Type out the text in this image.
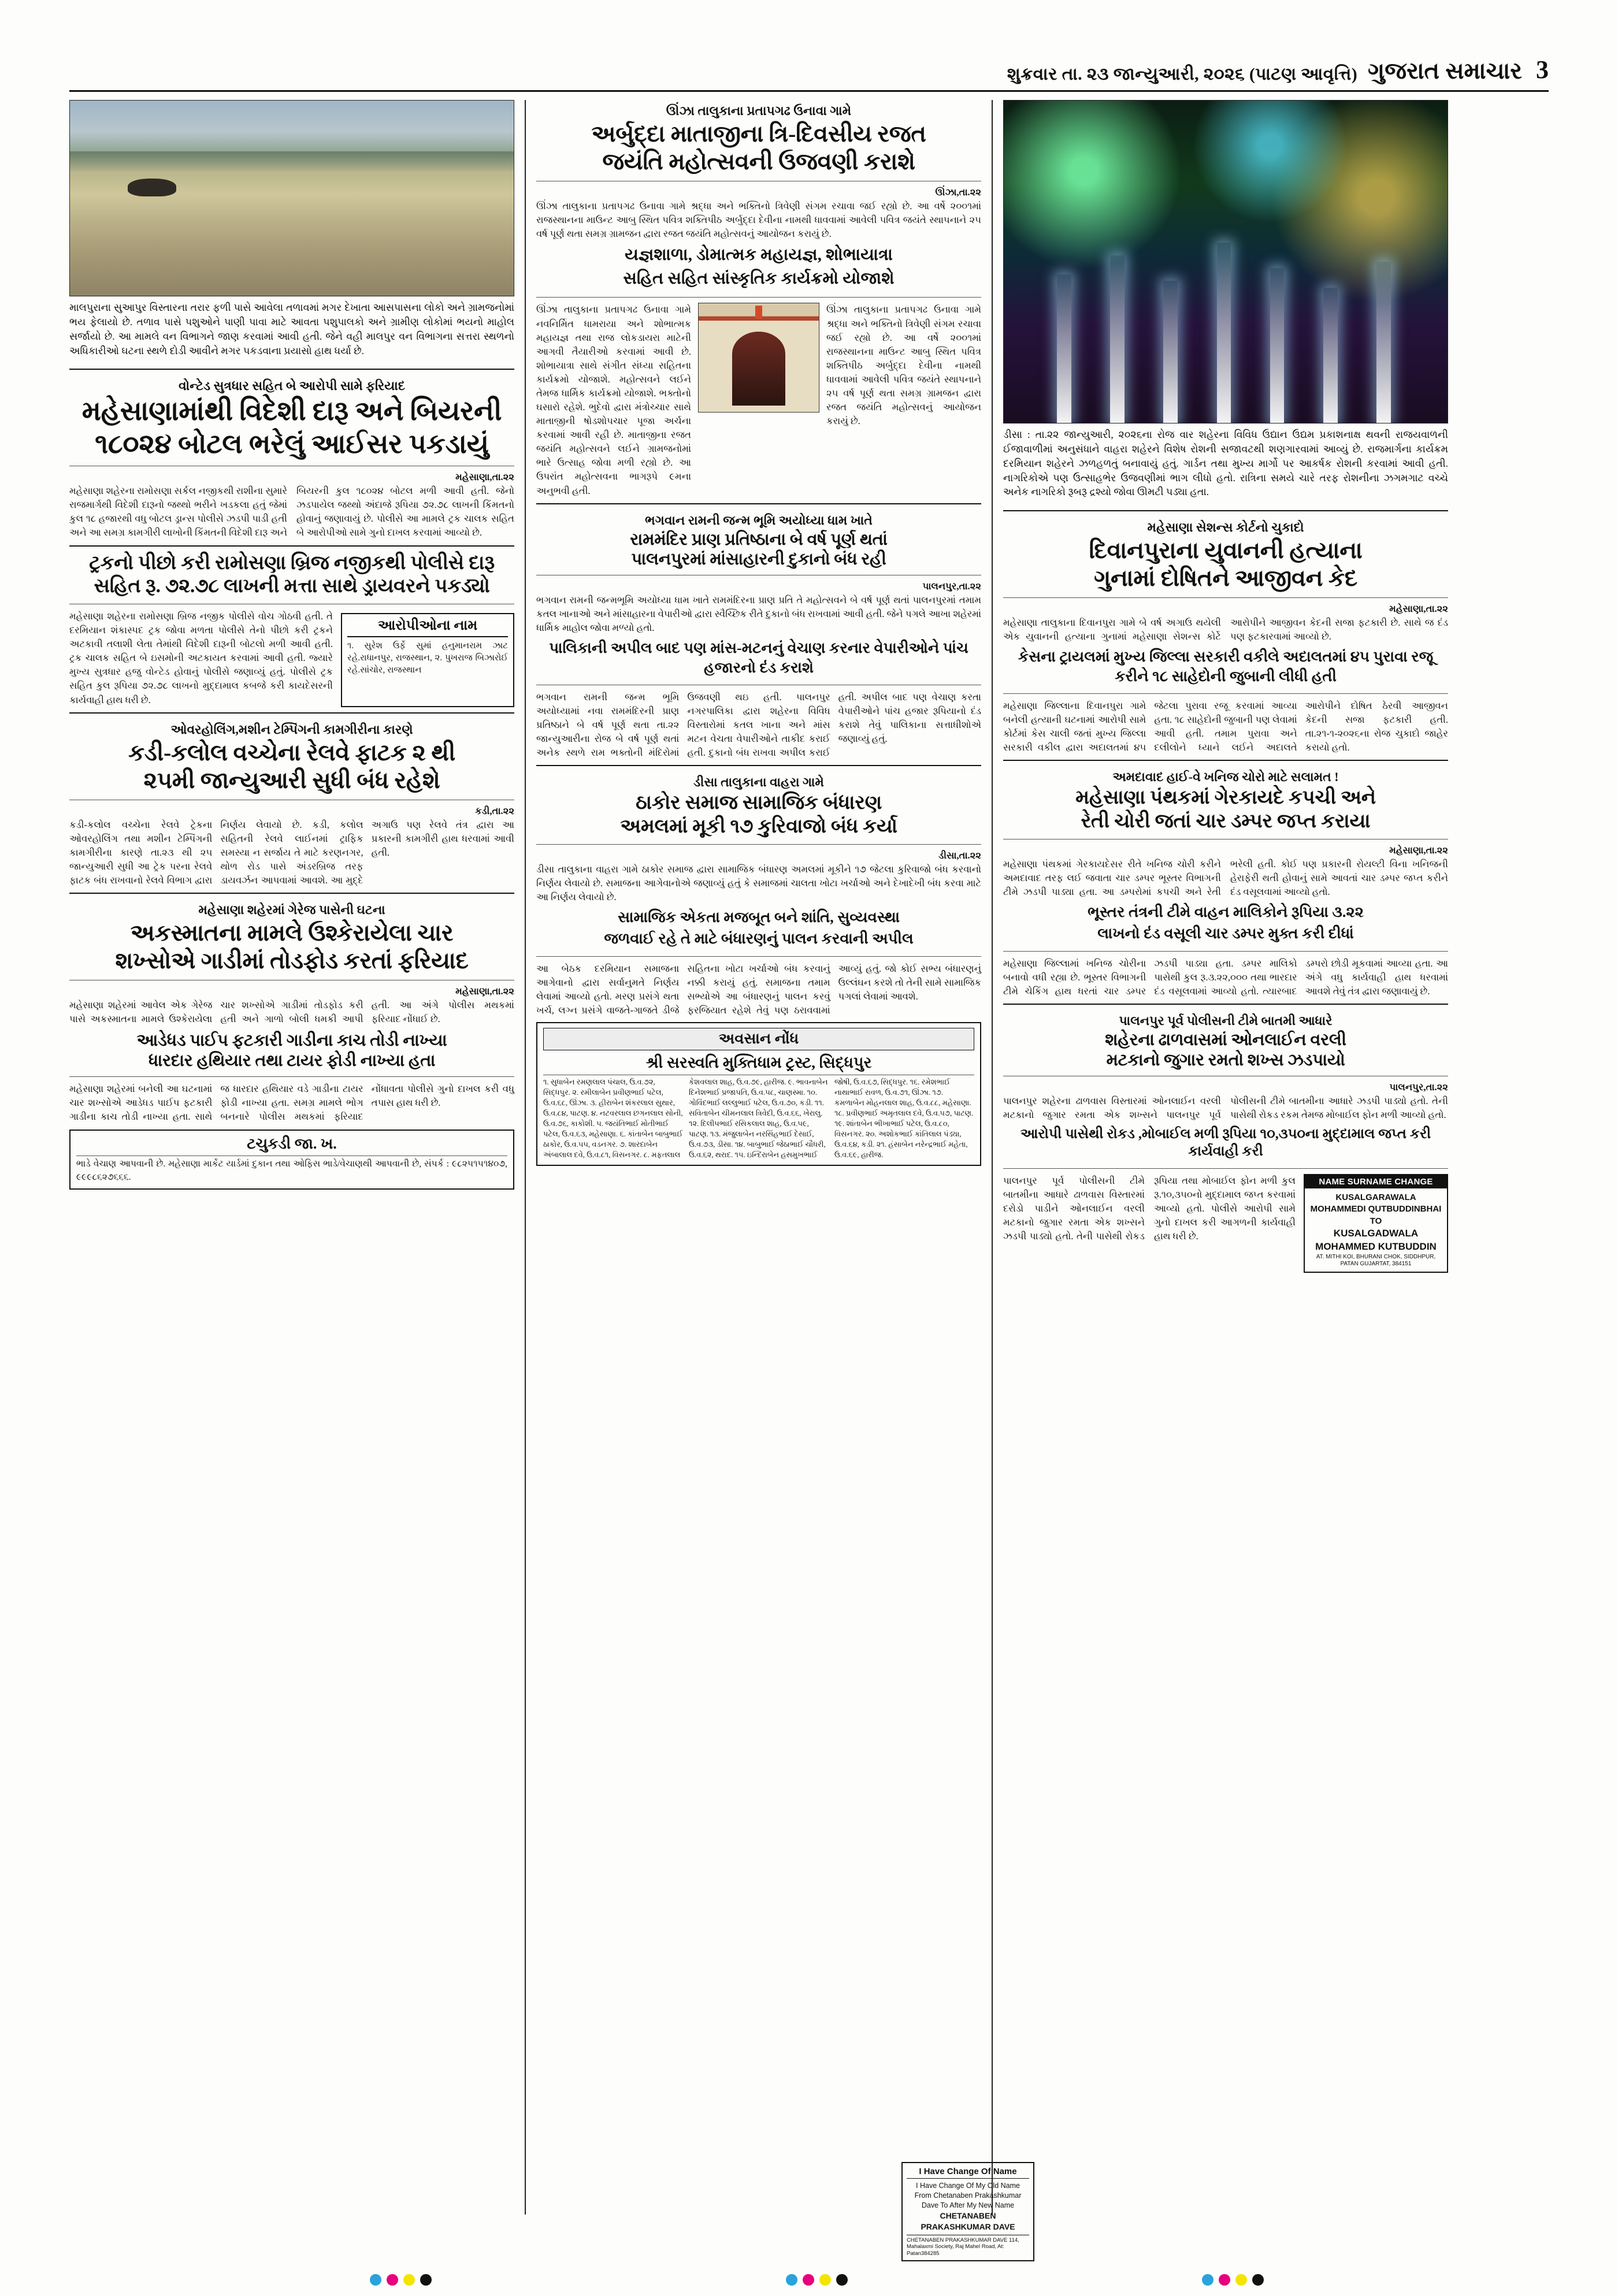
શુક્રવાર તા. ૨૩ જાન્યુઆરી, ૨૦૨૬ (પાટણ આવૃત્તિ) ગુજરાત સમાચાર 3
માલપુરાના સુઆપુર વિસ્તારના તરાર ફળી પાસે આવેલા તળાવમાં મગર દેખાતા આસપાસના લોકો અને ગ્રામજનોમાં ભય ફેલાયો છે. તળાવ પાસે પશુઓને પાણી પાવા માટે આવતા પશુપાલકો અને ગ્રામીણ લોકોમાં ભયનો માહોલ સર્જાયો છે. આ મામલે વન વિભાગને જાણ કરવામાં આવી હતી. જેને વહી માલપુર વન વિભાગના સત્તરા સ્થળનો અધિકારીઓ ઘટના સ્થળે દોડી આવીને મગર પકડવાના પ્રયાસો હાથ ધર્યા છે.
વોન્ટેડ સુત્રધાર સહિત બે આરોપી સામે ફરિયાદ
મહેસાણામાંથી વિદેશી દારૂ અને બિયરની
૧૮૦૨૪ બોટલ ભરેલું આઈસર પકડાયું
મહેસાણા,તા.૨૨
મહેસાણા શહેરના રામોસણા સર્કલ નજીકથી રાશીના સુમારે રાજમાર્ગથી વિદેશી દારૂનો જથ્થો ભરીને ખડકલા હતું જેમાં કુલ ૧૮ હજારથી વધુ બોટલ ડ્રાન્સ પોલીસે ઝડપી પાડી હતી અને આ સમગ્ર કામગીરી લાખોની કિંમતની વિદેશી દારૂ અને બિયરની કુલ ૧૮૦૨૪ બોટલ મળી આવી હતી. જેનો ઝડપાયેલ જથ્થો અંદાજે રૂપિયા ૭૨.૭૮ લાખની કિંમતનો હોવાનું જણાવાયું છે. પોલીસે આ મામલે ટ્રક ચાલક સહિત બે આરોપીઓ સામે ગુનો દાખલ કરવામાં આવ્યો છે.
ટ્રકનો પીછો કરી રામોસણા બ્રિજ નજીકથી પોલીસે દારૂ
સહિત રૂ. ૭૨.૭૮ લાખની મત્તા સાથે ડ્રાયવરને પકડ્યો
મહેસાણા શહેરના રામોસણા બ્રિજ નજીક પોલીસે વોચ ગોઠવી હતી. તે દરમિયાન શંકાસ્પદ ટ્રક જોવા મળતા પોલીસે તેનો પીછો કરી ટ્રકને અટકાવી તલાશી લેતા તેમાંથી વિદેશી દારૂની બોટલો મળી આવી હતી. ટ્રક ચાલક સહિત બે ઇસમોની અટકાયત કરવામાં આવી હતી. જ્યારે મુખ્ય સુત્રધાર હજુ વોન્ટેડ હોવાનું પોલીસે જણાવ્યું હતું. પોલીસે ટ્રક સહિત કુલ રૂપિયા ૭૨.૭૮ લાખનો મુદ્દામાલ કબજે કરી કાયદેસરની કાર્યવાહી હાથ ધરી છે.
આરોપીઓના નામ
૧. સુરેશ ઉર્ફે સુમાં હનુમાનરામ ઝાટ રહે.રાધાનપુર, રાજસ્થાન, ૨. પુખરાજ બિઝારોઈ રહે.સાંચોર, રાજસ્થાન
ઓવરહોલિંગ,મશીન ટેમ્પિંગની કામગીરીના કારણે
કડી-કલોલ વચ્ચેના રેલવે ફાટક ૨ થી
૨૫મી જાન્યુઆરી સુધી બંધ રહેશે
કડી,તા.૨૨
કડી-કલોલ વચ્ચેના રેલવે ટ્રેકના ઓવરહોલિંગ તથા મશીન ટેમ્પિંગની કામગીરીના કારણે તા.૨૩ થી ૨૫ જાન્યુઆરી સુધી આ ટ્રેક પરના રેલવે ફાટક બંધ રાખવાનો રેલવે વિભાગ દ્વારા નિર્ણય લેવાયો છે. કડી, કલોલ સહિતની રેલવે લાઈનમાં ટ્રાફિક સમસ્યા ન સર્જાય તે માટે કરણનગર, થોળ રોડ પાસે અંડરબ્રિજ તરફ ડાયવર્ઝન આપવામાં આવશે. આ મુદ્દે અગાઉ પણ રેલવે તંત્ર દ્વારા આ પ્રકારની કામગીરી હાથ ધરવામાં આવી હતી.
મહેસાણા શહેરમાં ગેરેજ પાસેની ઘટના
અકસ્માતના મામલે ઉશ્કેરાયેલા ચાર
શખ્સોએ ગાડીમાં તોડફોડ કરતાં ફરિયાદ
મહેસાણા,તા.૨૨
મહેસાણા શહેરમાં આવેલ એક ગેરેજ પાસે અકસ્માતના મામલે ઉશ્કેરાયેલા ચાર શખ્સોએ ગાડીમાં તોડફોડ કરી હતી અને ગાળો બોલી ધમકી આપી હતી. આ અંગે પોલીસ મથકમાં ફરિયાદ નોંધાઈ છે.
આડેધડ પાઈપ ફટકારી ગાડીના કાચ તોડી નાખ્યા
ધારદાર હથિયાર તથા ટાયર ફોડી નાખ્યા હતા
મહેસાણા શહેરમાં બનેલી આ ઘટનામાં ચાર શખ્સોએ આડેધડ પાઈપ ફટકારી ગાડીના કાચ તોડી નાખ્યા હતા. સાથે જ ધારદાર હથિયાર વડે ગાડીના ટાયર ફોડી નાખ્યા હતા. સમગ્ર મામલે ભોગ બનનારે પોલીસ મથકમાં ફરિયાદ નોંધાવતા પોલીસે ગુનો દાખલ કરી વધુ તપાસ હાથ ધરી છે.
ટચુકડી જા. ખ.
ભાડે વેચાણ આપવાની છે. મહેસાણા માર્કેટ યાર્ડમાં દુકાન તથા ઓફિસ ભાડે/વેચાણથી આપવાની છે, સંપર્ક : ૯૮૨૫૧૫૧૪૦૭, ૯૯૯૮૬૨૭૬૬૬.
ઊંઝા તાલુકાના પ્રતાપગઢ ઉનાવા ગામે
અર્બુદ્દા માતાજીના ત્રિ-દિવસીય રજત
જયંતિ મહોત્સવની ઉજવણી કરાશે
ઊંઝા,તા.૨૨
ઊંઝા તાલુકાના પ્રતાપગઢ ઉનાવા ગામે શ્રદ્ધા અને ભક્તિનો ત્રિવેણી સંગમ રચાવા જઈ રહ્યો છે. આ વર્ષે ૨૦૦૧માં રાજસ્થાનના માઉન્ટ આબુ સ્થિત પવિત્ર શક્તિપીઠ અર્બુદ્દા દેવીના નામથી ધાવવામાં આવેલી પવિત્ર જયંતે સ્થાપનાને ૨૫ વર્ષ પૂર્ણ થતા સમગ્ર ગ્રામજન દ્વારા રજત જયંતિ મહોત્સવનું આયોજન કરાયું છે.
યજ્ઞશાળા, ડોમાત્મક મહાયજ્ઞ, શોભાયાત્રા
સહિત સહિત સાંસ્કૃતિક કાર્યક્રમો યોજાશે
ઊંઝા તાલુકાના પ્રતાપગઢ ઉનાવા ગામે નવનિર્મિત ધામરાયા અને શોભાત્મક મહાયજ્ઞ તથા રાજ લોકડાયરા માટેની આગવી તૈયારીઓ કરવામાં આવી છે. શોભાયાત્રા સાથે સંગીત સંધ્યા સહિતના કાર્યક્રમો યોજાશે. મહોત્સવને લઈને તેમજ ધાર્મિક કાર્યક્રમો યોજાશે. ભક્તોનો ઘસારો રહેશે. ભુદેવો દ્વારા મંત્રોચ્ચાર સાથે માતાજીની ષોડશોપચાર પૂજા અર્ચના કરવામાં આવી રહી છે. માતાજીના રજત જયંતિ મહોત્સવને લઈને ગ્રામજનોમાં ભારે ઉત્સાહ જોવા મળી રહ્યો છે. આ ઉપરાંત મહોત્સવના ભાગરૂપે ૯મના અનુભવી હતી.
ઊંઝા તાલુકાના પ્રતાપગઢ ઉનાવા ગામે શ્રદ્ધા અને ભક્તિનો ત્રિવેણી સંગમ રચાવા જઈ રહ્યો છે. આ વર્ષે ૨૦૦૧માં રાજસ્થાનના માઉન્ટ આબુ સ્થિત પવિત્ર શક્તિપીઠ અર્બુદ્દા દેવીના નામથી ધાવવામાં આવેલી પવિત્ર જયંતે સ્થાપનાને ૨૫ વર્ષ પૂર્ણ થતા સમગ્ર ગ્રામજન દ્વારા રજત જયંતિ મહોત્સવનું આયોજન કરાયું છે.
ભગવાન રામની જન્મ ભૂમિ અયોધ્યા ધામ ખાતે
રામમંદિર પ્રાણ પ્રતિષ્ઠાના બે વર્ષ પૂર્ણ થતાં
પાલનપુરમાં માંસાહારની દુકાનો બંધ રહી
પાલનપુર,તા.૨૨
ભગવાન રામની જન્મભૂમિ અયોધ્યા ધામ ખાતે રામમંદિરના પ્રાણ પ્રતિ તે મહોત્સવને બે વર્ષ પૂર્ણ થતાં પાલનપુરમાં તમામ કતલ ખાનાઓ અને માંસાહારના વેપારીઓ દ્વારા સ્વૈચ્છિક રીતે દુકાનો બંધ રાખવામાં આવી હતી. જેને પગલે આખા શહેરમાં ધાર્મિક માહોલ જોવા મળ્યો હતો.
પાલિકાની અપીલ બાદ પણ માંસ-મટનનું વેચાણ કરનાર વેપારીઓને પાંચ હજારનો દંડ કરાશે
ભગવાન રામની જન્મ ભૂમિ અયોધ્યામાં નવા રામમંદિરની પ્રાણ પ્રતિષ્ઠાને બે વર્ષ પૂર્ણ થતા તા.૨૨ જાન્યુઆરીના રોજ બે વર્ષ પૂર્ણ થતાં અનેક સ્થળે રામ ભક્તોની મંદિરોમાં ઉજવણી થઇ હતી. પાલનપુર નગરપાલિકા દ્વારા શહેરના વિવિધ વિસ્તારોમાં કતલ ખાના અને માંસ મટન વેચતા વેપારીઓને તાકીદ કરાઈ હતી. દુકાનો બંધ રાખવા અપીલ કરાઈ હતી. અપીલ બાદ પણ વેચાણ કરતા વેપારીઓને પાંચ હજાર રૂપિયાનો દંડ કરાશે તેવું પાલિકાના સત્તાધીશોએ જણાવ્યું હતું.
ડીસા તાલુકાના વાહરા ગામે
ઠાકોર સમાજ સામાજિક બંધારણ
અમલમાં મૂકી ૧૭ કુરિવાજો બંધ કર્યા
ડીસા,તા.૨૨
ડીસા તાલુકાના વાહરા ગામે ઠાકોર સમાજ દ્વારા સામાજિક બંધારણ અમલમાં મૂકીને ૧૭ જેટલા કુરિવાજો બંધ કરવાનો નિર્ણય લેવાયો છે. સમાજના આગેવાનોએ જણાવ્યું હતું કે સમાજમાં ચાલતા ખોટા ખર્ચાઓ અને દેખાદેખી બંધ કરવા માટે આ નિર્ણય લેવાયો છે.
સામાજિક એકતા મજબૂત બને શાંતિ, સુવ્યવસ્થા
જળવાઈ રહે તે માટે બંધારણનું પાલન કરવાની અપીલ
આ બેઠક દરમિયાન સમાજના આગેવાનો દ્વારા સર્વાનુમતે નિર્ણય લેવામાં આવ્યો હતો. મરણ પ્રસંગે થતા ખર્ચ, લગ્ન પ્રસંગે વાજતે-ગાજતે ડીજે સહિતના ખોટા ખર્ચાઓ બંધ કરવાનું નક્કી કરાયું હતું. સમાજના તમામ સભ્યોએ આ બંધારણનું પાલન કરવું ફરજિયાત રહેશે તેવું પણ ઠરાવવામાં આવ્યું હતું. જો કોઈ સભ્ય બંધારણનું ઉલ્લંઘન કરશે તો તેની સામે સામાજિક પગલાં લેવામાં આવશે.
અવસાન નોંધ
શ્રી સરસ્વતિ મુક્તિધામ ટ્રસ્ટ, સિદ્ધપુર
૧. સુધાબેન રમણલાલ પંચાલ, ઉ.વ.૭૨, સિદ્ધપુર. ૨. રમીલાબેન પ્રવીણભાઈ પટેલ, ઉ.વ.૬૮, ઊંઝા. ૩. હીરાબેન શંકરલાલ સુથાર, ઉ.વ.૮૪, પાટણ. ૪. નટવરલાલ છગનલાલ સોની, ઉ.વ.૭૬, કાકોશી. ૫. જયંતિભાઈ મોતીભાઈ પટેલ, ઉ.વ.૬૩, મહેસાણા. ૬. કાંતાબેન બાબુભાઈ ઠાકોર, ઉ.વ.૫૫, વડનગર. ૭. શારદાબેન અંબાલાલ દવે, ઉ.વ.૮૧, વિસનગર. ૮. મફતલાલ કેશવલાલ શાહ, ઉ.વ.૭૯, હારીજ. ૯. ભાવનાબેન દિનેશભાઈ પ્રજાપતિ, ઉ.વ.૫૮, ચાણસ્મા. ૧૦. ગોવિંદભાઈ લલ્લુભાઈ પટેલ, ઉ.વ.૭૦, કડી. ૧૧. સવિતાબેન ચીમનલાલ ત્રિવેદી, ઉ.વ.૬૬, ખેરાલુ. ૧૨. દિલીપભાઈ રસિકલાલ શાહ, ઉ.વ.૫૯, પાટણ. ૧૩. મંજુલાબેન નરસિંહભાઈ દેસાઈ, ઉ.વ.૭૩, ડીસા. ૧૪. બાબુભાઈ જેઠાભાઈ ચૌધરી, ઉ.વ.૬૨, થરાદ. ૧૫. ઇન્દિરાબેન હસમુખભાઈ જોષી, ઉ.વ.૬૭, સિદ્ધપુર. ૧૬. રમેશભાઈ નાથાભાઈ રાવળ, ઉ.વ.૭૧, ઊંઝા. ૧૭. કમળાબેન મોહનલાલ શાહ, ઉ.વ.૮૮, મહેસાણા. ૧૮. પ્રવીણભાઈ અમૃતલાલ દવે, ઉ.વ.૫૭, પાટણ. ૧૯. શાંતાબેન ભીખાભાઈ પટેલ, ઉ.વ.૮૦, વિસનગર. ૨૦. અશોકભાઈ કાંતિલાલ પંડ્યા, ઉ.વ.૬૪, કડી. ૨૧. હંસાબેન નરેન્દ્રભાઈ મહેતા, ઉ.વ.૬૯, હારીજ.
ડીસા : તા.૨૨ જાન્યુઆરી, ૨૦૨૬ના રોજ વાર શહેરના વિવિધ ઉદ્યાન ઉદ્યમ પ્રકાશનાક્ષ થવની રાજયવાળની ઈજાવાળીમાં અનુસંધાને વાહરા શહેરને વિશેષ રોશની સજાવટથી શણગારવામાં આવ્યું છે. રાજમાર્ગના કાર્યક્રમ દરમિયાન શહેરને ઝળહળતું બનાવાયું હતું. ગાર્ડન તથા મુખ્ય માર્ગો પર આકર્ષક રોશની કરવામાં આવી હતી. નાગરિકોએ પણ ઉત્સાહભેર ઉજવણીમાં ભાગ લીધો હતો. રાત્રિના સમયે ચારે તરફ રોશનીના ઝગમગાટ વચ્ચે અનેક નાગરિકો રૂબરૂ દ્રશ્યો જોવા ઊમટી પડ્યા હતા.
મહેસાણા સેશન્સ કોર્ટનો ચુકાદો
દિવાનપુરાના યુવાનની હત્યાના
ગુનામાં દોષિતને આજીવન કેદ
મહેસાણા,તા.૨૨
મહેસાણા તાલુકાના દિવાનપુરા ગામે બે વર્ષ અગાઉ થયેલી એક યુવાનની હત્યાના ગુનામાં મહેસાણા સેશન્સ કોર્ટે આરોપીને આજીવન કેદની સજા ફટકારી છે. સાથે જ દંડ પણ ફટકારવામાં આવ્યો છે.
કેસના ટ્રાયલમાં મુખ્ય જિલ્લા સરકારી વકીલે અદાલતમાં ૪૫ પુરાવા રજૂ કરીને ૧૮ સાહેદોની જુબાની લીધી હતી
મહેસાણા જિલ્લાના દિવાનપુરા ગામે બનેલી હત્યાની ઘટનામાં આરોપી સામે કોર્ટમાં કેસ ચાલી જતાં મુખ્ય જિલ્લા સરકારી વકીલ દ્વારા અદાલતમાં ૪૫ જેટલા પુરાવા રજૂ કરવામાં આવ્યા હતા. ૧૮ સાહેદોની જુબાની પણ લેવામાં આવી હતી. તમામ પુરાવા અને દલીલોને ધ્યાને લઈને અદાલતે આરોપીને દોષિત ઠેરવી આજીવન કેદની સજા ફટકારી હતી. તા.૨૧-૧-૨૦૨૬ના રોજ ચુકાદો જાહેર કરાયો હતો.
અમદાવાદ હાઈ-વે ખનિજ ચોરો માટે સલામત !
મહેસાણા પંથકમાં ગેરકાયદે કપચી અને
રેતી ચોરી જતાં ચાર ડમ્પર જપ્ત કરાયા
મહેસાણા,તા.૨૨
મહેસાણા પંથકમાં ગેરકાયદેસર રીતે ખનિજ ચોરી કરીને અમદાવાદ તરફ લઈ જવાતા ચાર ડમ્પર ભૂસ્તર વિભાગની ટીમે ઝડપી પાડ્યા હતા. આ ડમ્પરોમાં કપચી અને રેતી ભરેલી હતી. કોઈ પણ પ્રકારની રોયલ્ટી વિના ખનિજની હેરાફેરી થતી હોવાનું સામે આવતાં ચાર ડમ્પર જપ્ત કરીને દંડ વસૂલવામાં આવ્યો હતો.
ભૂસ્તર તંત્રની ટીમે વાહન માલિકોને રૂપિયા ૩.૨૨
લાખનો દંડ વસૂલી ચાર ડમ્પર મુક્ત કરી દીધાં
મહેસાણા જિલ્લામાં ખનિજ ચોરીના બનાવો વધી રહ્યા છે. ભૂસ્તર વિભાગની ટીમે ચેકિંગ હાથ ધરતાં ચાર ડમ્પર ઝડપી પાડ્યા હતા. ડમ્પર માલિકો પાસેથી કુલ રૂ.૩.૨૨,૦૦૦ તથા ભારદાર દંડ વસૂલવામાં આવ્યો હતો. ત્યારબાદ ડમ્પરો છોડી મૂકવામાં આવ્યા હતા. આ અંગે વધુ કાર્યવાહી હાથ ધરવામાં આવશે તેવું તંત્ર દ્વારા જણાવાયું છે.
પાલનપુર પૂર્વ પોલીસની ટીમે બાતમી આધારે
શહેરના ઢાળવાસમાં ઓનલાઈન વરલી
મટકાનો જુગાર રમતો શખ્સ ઝડપાયો
પાલનપુર,તા.૨૨
પાલનપુર શહેરના ઢાળવાસ વિસ્તારમાં ઓનલાઈન વરલી મટકાનો જુગાર રમતા એક શખ્સને પાલનપુર પૂર્વ પોલીસની ટીમે બાતમીના આધારે ઝડપી પાડ્યો હતો. તેની પાસેથી રોકડ રકમ તેમજ મોબાઈલ ફોન મળી આવ્યો હતો.
આરોપી પાસેથી રોકડ ,મોબાઈલ મળી રૂપિયા ૧૦,૩૫૦ના મુદ્દામાલ જપ્ત કરી કાર્યવાહી કરી
પાલનપુર પૂર્વ પોલીસની ટીમે બાતમીના આધારે ઢાળવાસ વિસ્તારમાં દરોડો પાડીને ઓનલાઈન વરલી મટકાનો જુગાર રમતા એક શખ્સને ઝડપી પાડ્યો હતો. તેની પાસેથી રોકડ રૂપિયા તથા મોબાઈલ ફોન મળી કુલ રૂ.૧૦,૩૫૦નો મુદ્દામાલ જપ્ત કરવામાં આવ્યો હતો. પોલીસે આરોપી સામે ગુનો દાખલ કરી આગળની કાર્યવાહી હાથ ધરી છે.
NAME SURNAME CHANGE
KUSALGARAWALA MOHAMMEDI QUTBUDDINBHAI
TO
KUSALGADWALA MOHAMMED KUTBUDDIN
AT. MITHI KOI, BHURANI CHOK, SIDDHPUR, PATAN GUJARTAT, 384151
I Have Change Of Name
I Have Change Of My Old Name From Chetanaben Prakashkumar Dave To After My New Name
CHETANABEN
PRAKASHKUMAR DAVE
CHETANABEN PRAKASHKUMAR DAVE 114, Mahalaxmi Society, Raj Mahel Road, At: Patan384285
